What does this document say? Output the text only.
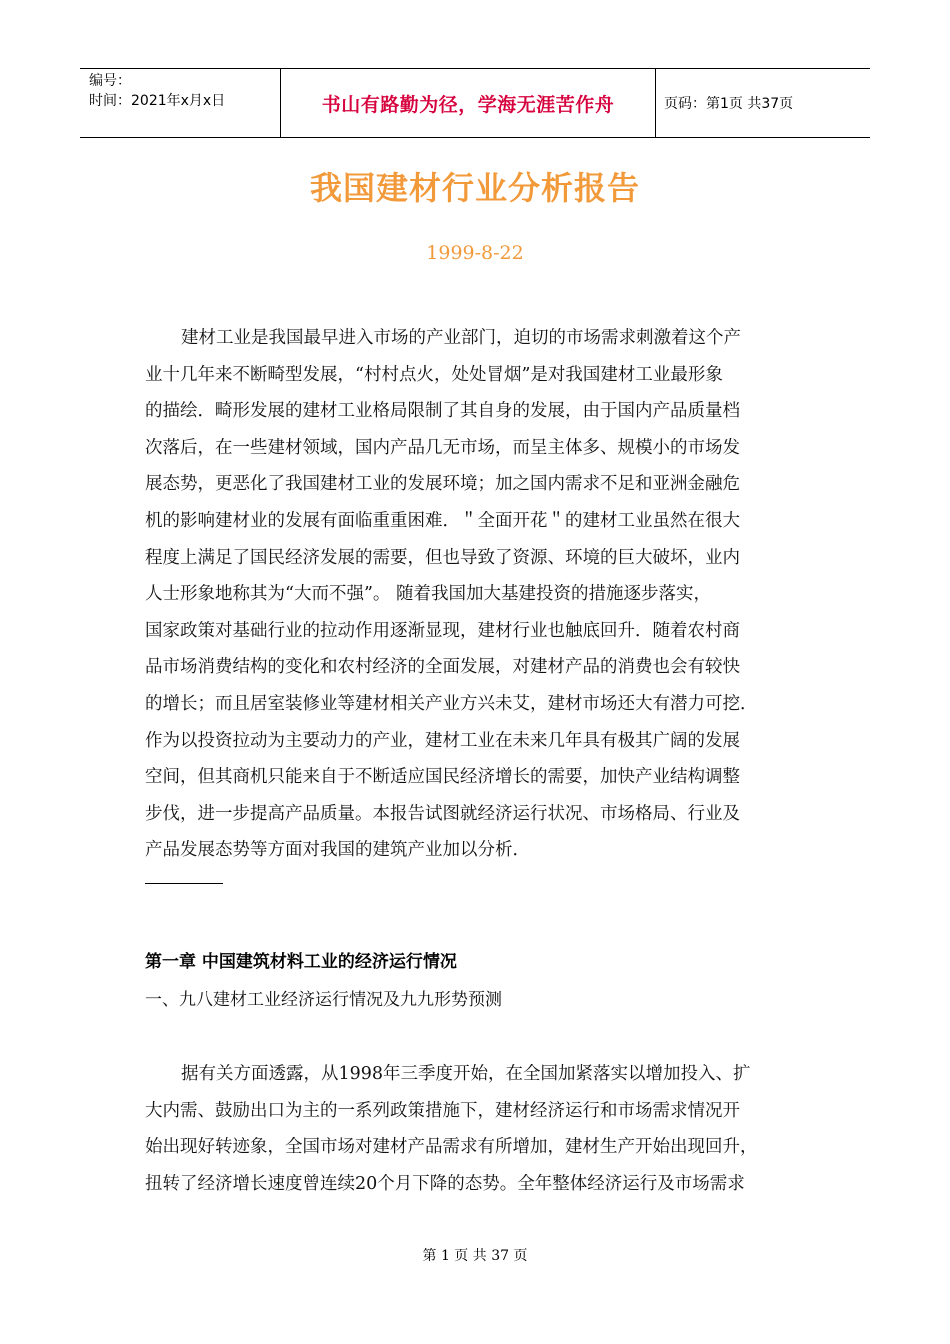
编号：
时间：2021年x月x日	书山有路勤为径，学海无涯苦作舟	页码：第1页 共37页
我国建材行业分析报告
1999-8-22
建材工业是我国最早进入市场的产业部门，迫切的市场需求刺激着这个产
业十几年来不断畸型发展，“村村点火，处处冒烟”是对我国建材工业最形象
的描绘．畸形发展的建材工业格局限制了其自身的发展，由于国内产品质量档
次落后，在一些建材领域，国内产品几无市场，而呈主体多、规模小的市场发
展态势，更恶化了我国建材工业的发展环境；加之国内需求不足和亚洲金融危
机的影响建材业的发展有面临重重困难．＂全面开花＂的建材工业虽然在很大
程度上满足了国民经济发展的需要，但也导致了资源、环境的巨大破坏，业内
人士形象地称其为“大而不强”。 随着我国加大基建投资的措施逐步落实，
国家政策对基础行业的拉动作用逐渐显现，建材行业也触底回升．随着农村商
品市场消费结构的变化和农村经济的全面发展，对建材产品的消费也会有较快
的增长；而且居室装修业等建材相关产业方兴未艾，建材市场还大有潜力可挖．
作为以投资拉动为主要动力的产业，建材工业在未来几年具有极其广阔的发展
空间，但其商机只能来自于不断适应国民经济增长的需要，加快产业结构调整
步伐，进一步提高产品质量。本报告试图就经济运行状况、市场格局、行业及
产品发展态势等方面对我国的建筑产业加以分析．
第一章 中国建筑材料工业的经济运行情况
一、九八建材工业经济运行情况及九九形势预测
据有关方面透露，从1998年三季度开始，在全国加紧落实以增加投入、扩
大内需、鼓励出口为主的一系列政策措施下，建材经济运行和市场需求情况开
始出现好转迹象，全国市场对建材产品需求有所增加，建材生产开始出现回升，
扭转了经济增长速度曾连续20个月下降的态势。全年整体经济运行及市场需求
第 1 页 共 37 页
